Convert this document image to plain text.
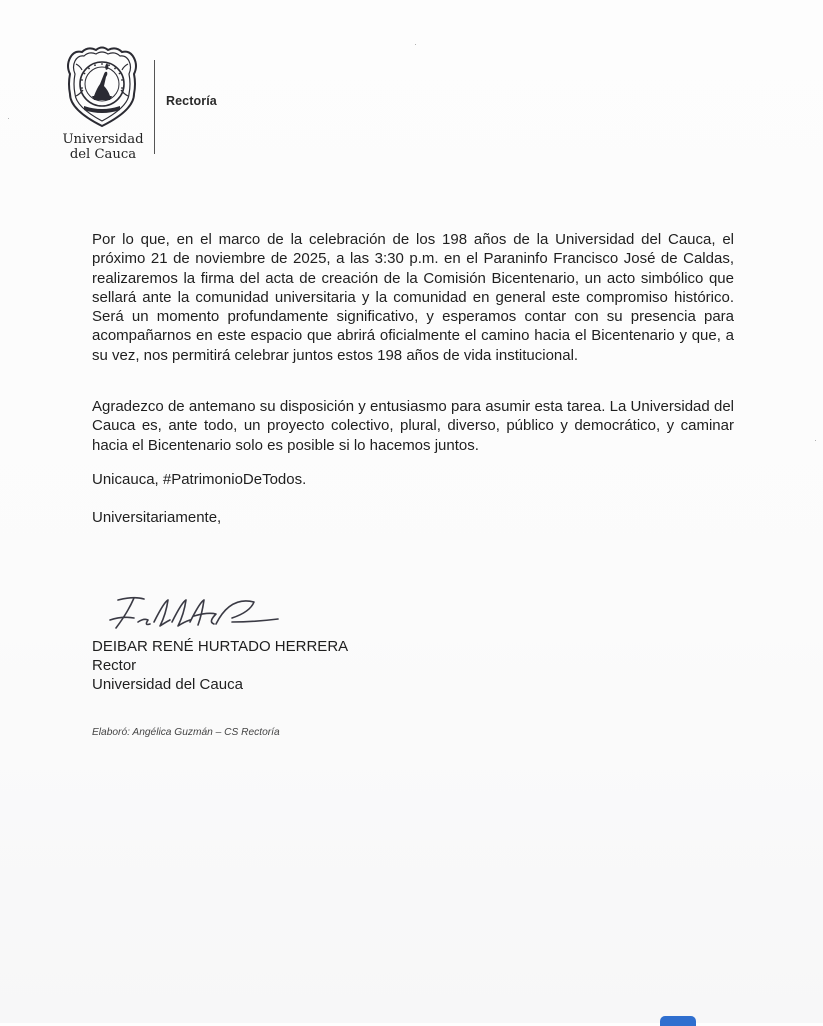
Universidad
del Cauca
Rectoría

Por lo que, en el marco de la celebración de los 198 años de la Universidad del Cauca, el próximo 21 de noviembre de 2025, a las 3:30 p.m. en el Paraninfo Francisco José de Caldas, realizaremos la firma del acta de creación de la Comisión Bicentenario, un acto simbólico que sellará ante la comunidad universitaria y la comunidad en general este compromiso histórico. Será un momento profundamente significativo, y esperamos contar con su presencia para acompañarnos en este espacio que abrirá oficialmente el camino hacia el Bicentenario y que, a su vez, nos permitirá celebrar juntos estos 198 años de vida institucional.

Agradezco de antemano su disposición y entusiasmo para asumir esta tarea. La Universidad del Cauca es, ante todo, un proyecto colectivo, plural, diverso, público y democrático, y caminar hacia el Bicentenario solo es posible si lo hacemos juntos.

Unicauca, #PatrimonioDeTodos.

Universitariamente,

DEIBAR RENÉ HURTADO HERRERA

Rector

Universidad del Cauca

Elaboró: Angélica Guzmán – CS Rectoría
